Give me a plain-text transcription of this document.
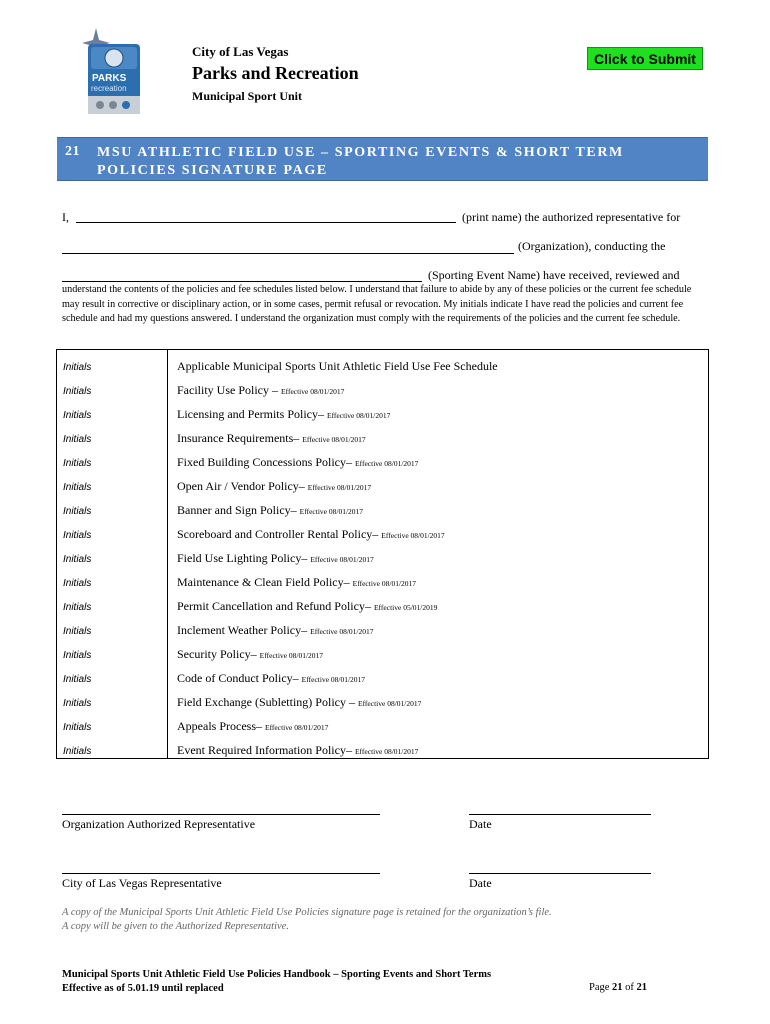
PARKS
recreation
City of Las Vegas
Parks and Recreation
Municipal Sport Unit
Click to Submit
21 MSU ATHLETIC FIELD USE – SPORTING EVENTS & SHORT TERM POLICIES SIGNATURE PAGE
I,	(print name) the authorized representative for
(Organization), conducting the
(Sporting Event Name) have received, reviewed and
understand the contents of the policies and fee schedules listed below. I understand that failure to abide by any of these policies or the current fee schedule may result in corrective or disciplinary action, or in some cases, permit refusal or revocation. My initials indicate I have read the policies and current fee schedule and had my questions answered. I understand the organization must comply with the requirements of the policies and the current fee schedule.
Initials	Applicable Municipal Sports Unit Athletic Field Use Fee Schedule
Initials	Facility Use Policy – Effective 08/01/2017
Initials	Licensing and Permits Policy– Effective 08/01/2017
Initials	Insurance Requirements– Effective 08/01/2017
Initials	Fixed Building Concessions Policy– Effective 08/01/2017
Initials	Open Air / Vendor Policy– Effective 08/01/2017
Initials	Banner and Sign Policy– Effective 08/01/2017
Initials	Scoreboard and Controller Rental Policy– Effective 08/01/2017
Initials	Field Use Lighting Policy– Effective 08/01/2017
Initials	Maintenance & Clean Field Policy– Effective 08/01/2017
Initials	Permit Cancellation and Refund Policy– Effective 05/01/2019
Initials	Inclement Weather Policy– Effective 08/01/2017
Initials	Security Policy– Effective 08/01/2017
Initials	Code of Conduct Policy– Effective 08/01/2017
Initials	Field Exchange (Subletting) Policy – Effective 08/01/2017
Initials	Appeals Process– Effective 08/01/2017
Initials	Event Required Information Policy– Effective 08/01/2017
Organization Authorized Representative	Date
City of Las Vegas Representative	Date
A copy of the Municipal Sports Unit Athletic Field Use Policies signature page is retained for the organization’s file.
A copy will be given to the Authorized Representative.
Municipal Sports Unit Athletic Field Use Policies Handbook – Sporting Events and Short Terms
Effective as of 5.01.19 until replaced	Page 21 of 21
